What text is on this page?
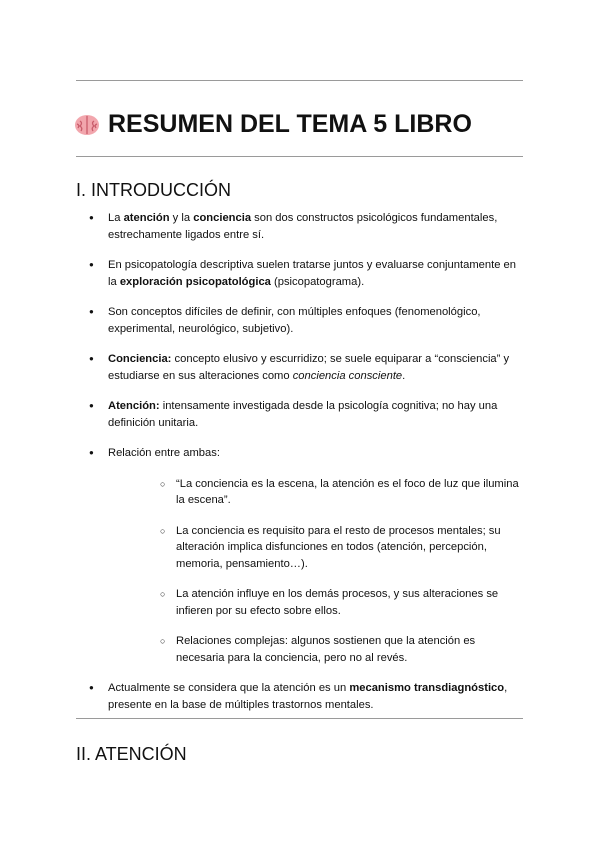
RESUMEN DEL TEMA 5 LIBRO
I. INTRODUCCIÓN
● La atención y la conciencia son dos constructos psicológicos fundamentales, estrechamente ligados entre sí.
● En psicopatología descriptiva suelen tratarse juntos y evaluarse conjuntamente en la exploración psicopatológica (psicopatograma).
● Son conceptos difíciles de definir, con múltiples enfoques (fenomenológico, experimental, neurológico, subjetivo).
● Conciencia: concepto elusivo y escurridizo; se suele equiparar a “consciencia” y estudiarse en sus alteraciones como conciencia consciente.
● Atención: intensamente investigada desde la psicología cognitiva; no hay una definición unitaria.
● Relación entre ambas:
○ “La conciencia es la escena, la atención es el foco de luz que ilumina la escena”.
○ La conciencia es requisito para el resto de procesos mentales; su alteración implica disfunciones en todos (atención, percepción, memoria, pensamiento…).
○ La atención influye en los demás procesos, y sus alteraciones se infieren por su efecto sobre ellos.
○ Relaciones complejas: algunos sostienen que la atención es necesaria para la conciencia, pero no al revés.
● Actualmente se considera que la atención es un mecanismo transdiagnóstico, presente en la base de múltiples trastornos mentales.
II. ATENCIÓN
